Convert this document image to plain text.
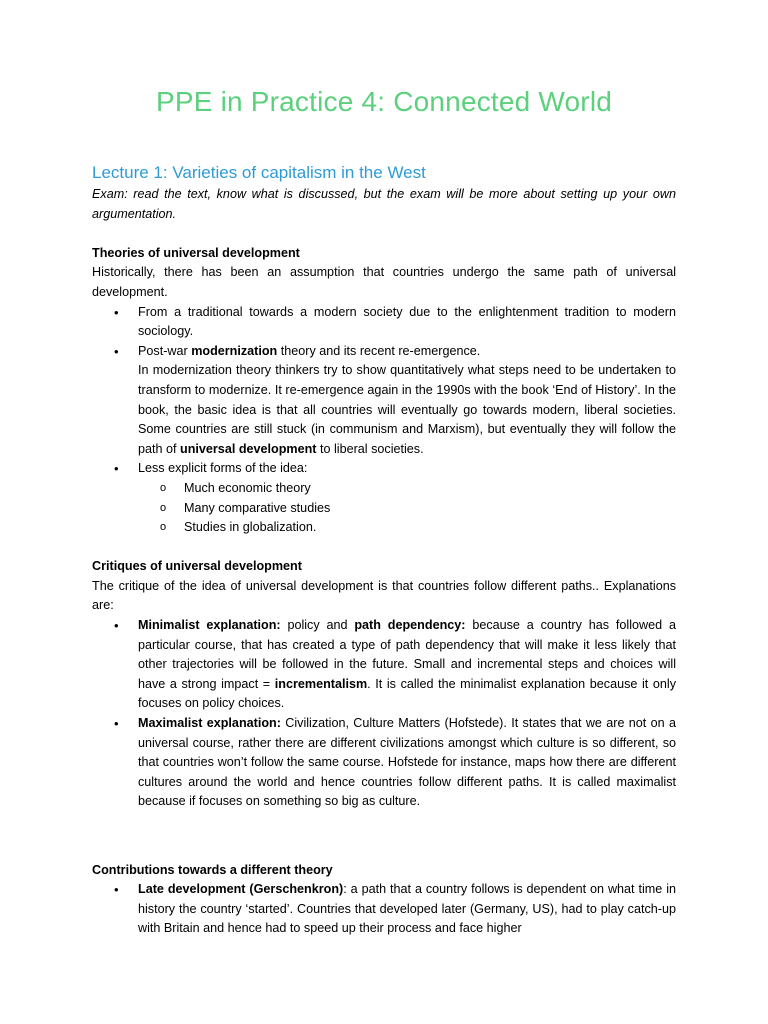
PPE in Practice 4: Connected World
Lecture 1: Varieties of capitalism in the West

Exam: read the text, know what is discussed, but the exam will be more about setting up your own argumentation.

Theories of universal development

Historically, there has been an assumption that countries undergo the same path of universal development.

• From a traditional towards a modern society due to the enlightenment tradition to modern sociology.
• Post-war modernization theory and its recent re-emergence.
In modernization theory thinkers try to show quantitatively what steps need to be undertaken to transform to modernize. It re-emergence again in the 1990s with the book ‘End of History’. In the book, the basic idea is that all countries will eventually go towards modern, liberal societies. Some countries are still stuck (in communism and Marxism), but eventually they will follow the path of universal development to liberal societies.
• Less explicit forms of the idea:
o Much economic theory
o Many comparative studies
o Studies in globalization.

Critiques of universal development

The critique of the idea of universal development is that countries follow different paths.. Explanations are:

• Minimalist explanation: policy and path dependency: because a country has followed a particular course, that has created a type of path dependency that will make it less likely that other trajectories will be followed in the future. Small and incremental steps and choices will have a strong impact = incrementalism. It is called the minimalist explanation because it only focuses on policy choices.
• Maximalist explanation: Civilization, Culture Matters (Hofstede). It states that we are not on a universal course, rather there are different civilizations amongst which culture is so different, so that countries won’t follow the same course. Hofstede for instance, maps how there are different cultures around the world and hence countries follow different paths. It is called maximalist because if focuses on something so big as culture.

Contributions towards a different theory

• Late development (Gerschenkron): a path that a country follows is dependent on what time in history the country ‘started’. Countries that developed later (Germany, US), had to play catch-up with Britain and hence had to speed up their process and face higher
